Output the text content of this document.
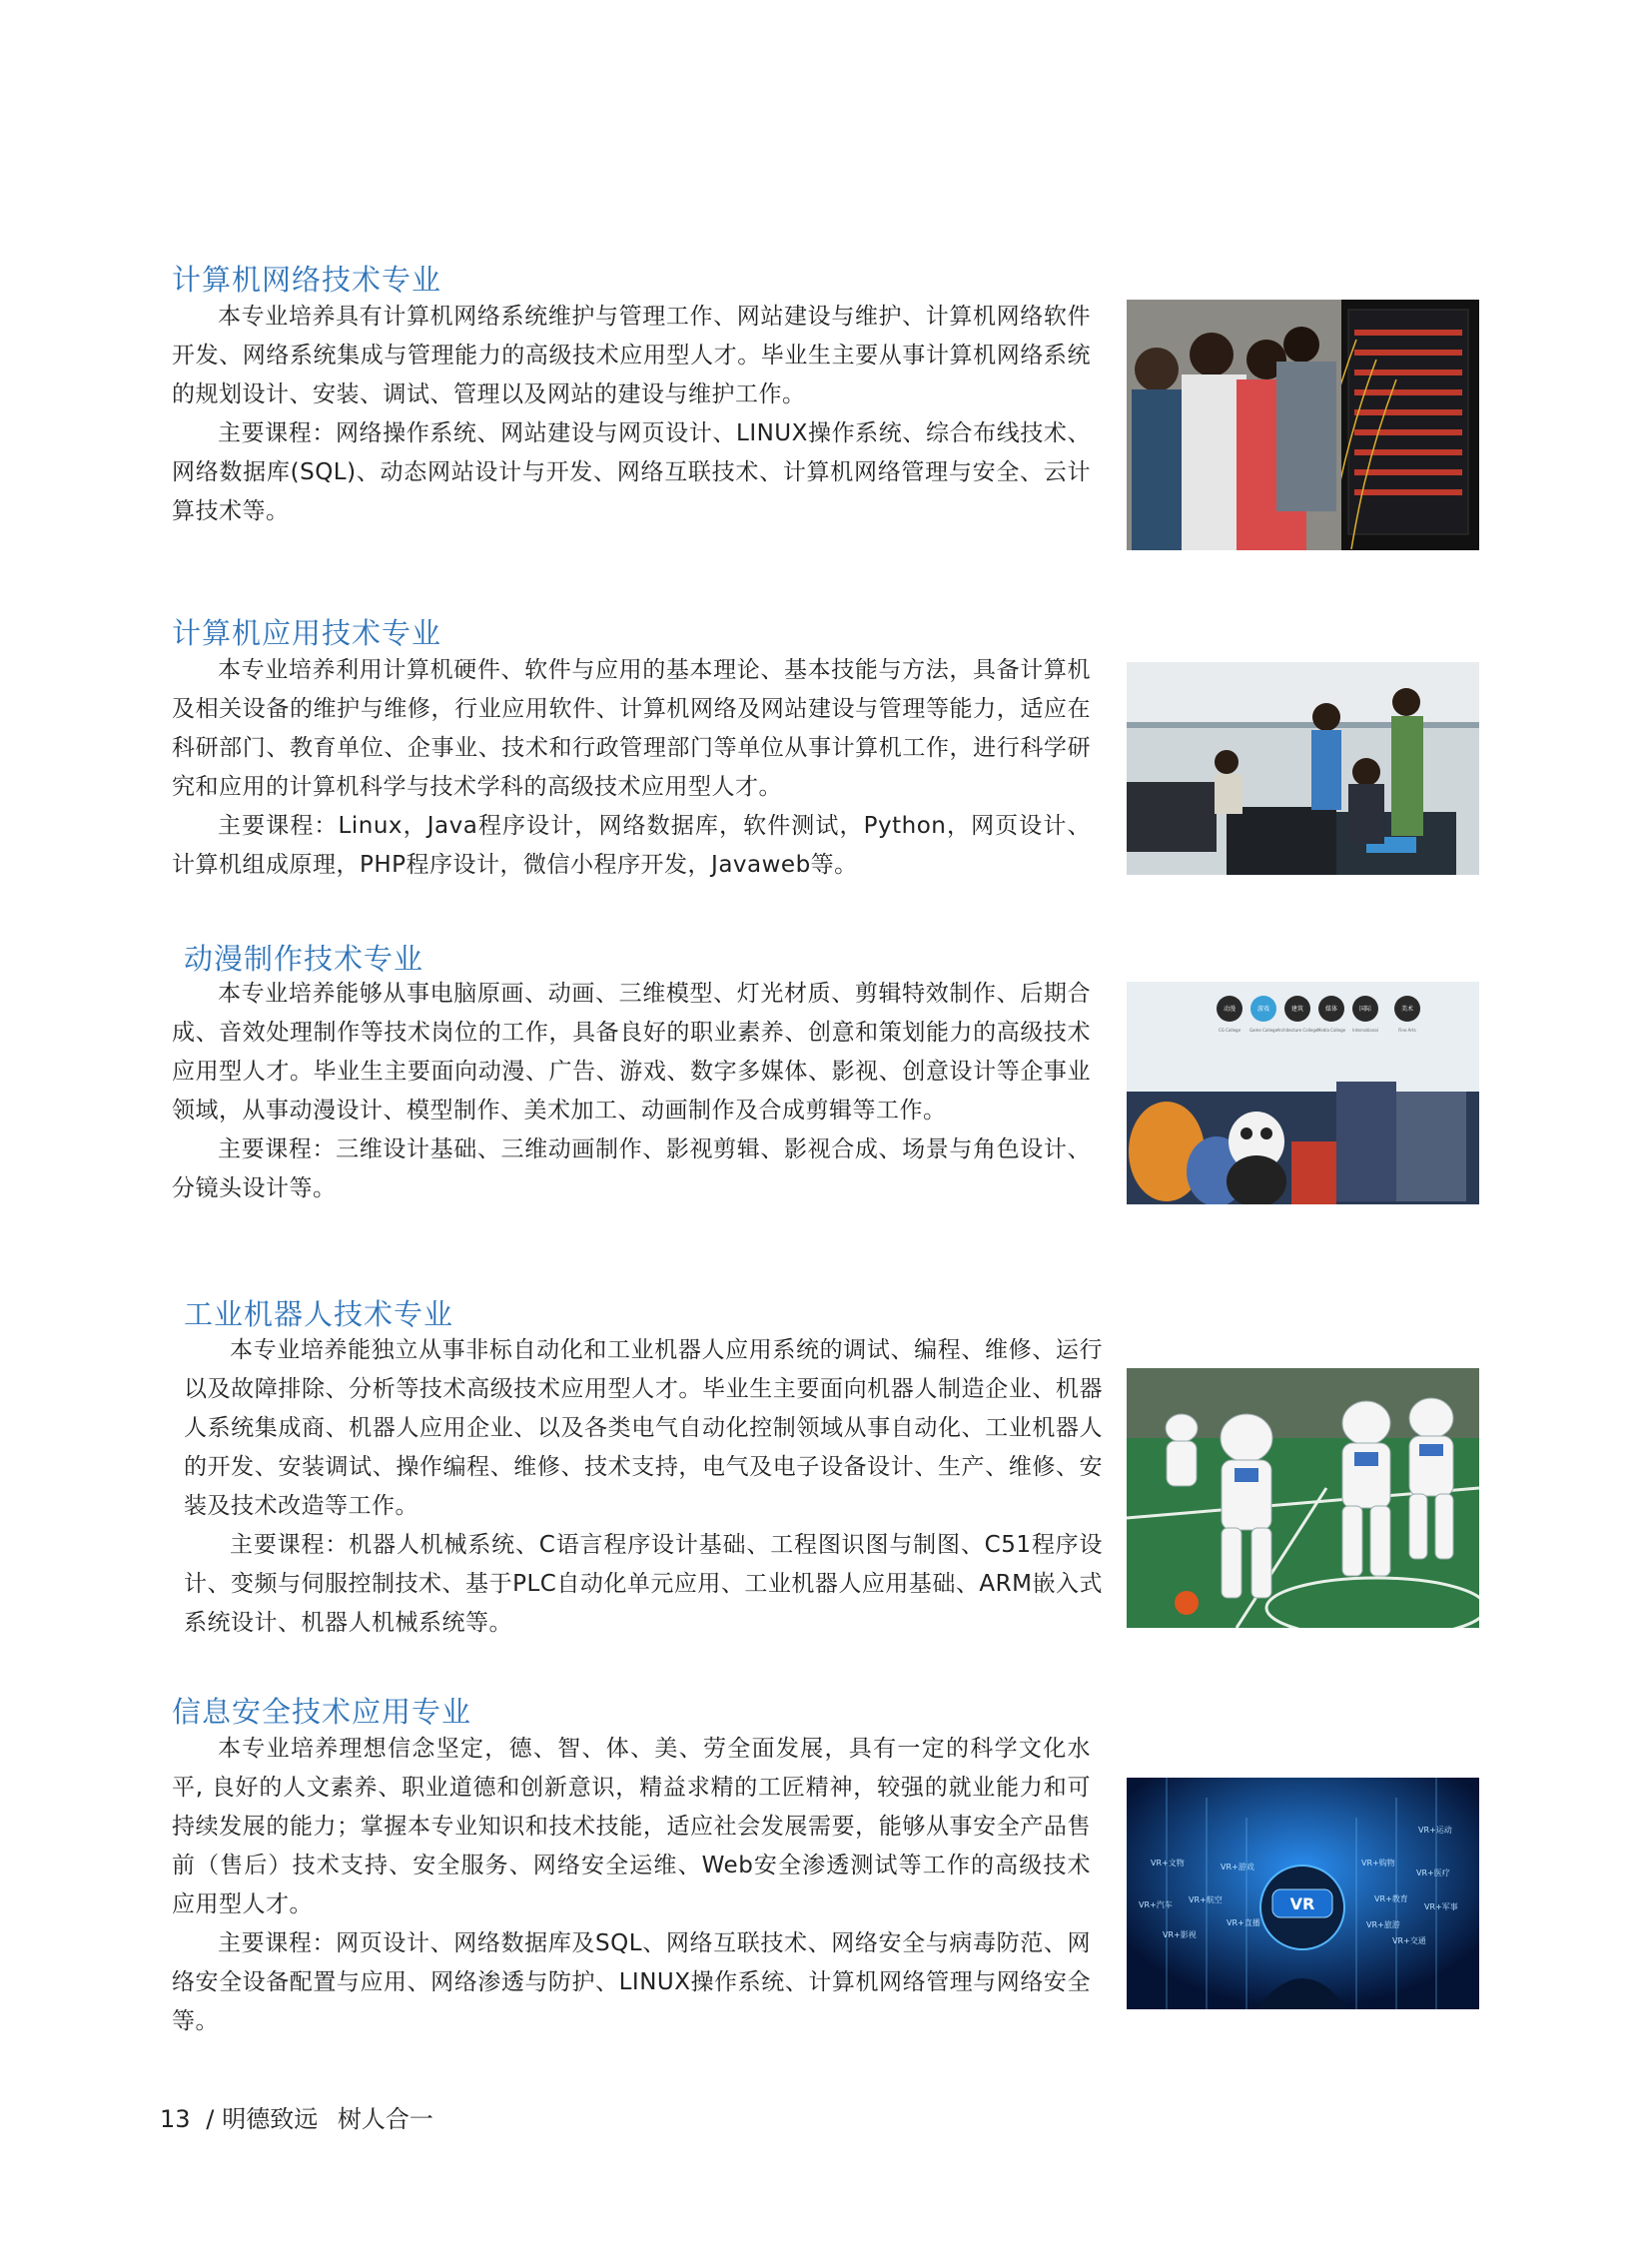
计算机网络技术专业

本专业培养具有计算机网络系统维护与管理工作、网站建设与维护、计算机网络软件开发、网络系统集成与管理能力的高级技术应用型人才。毕业生主要从事计算机网络系统的规划设计、安装、调试、管理以及网站的建设与维护工作。

主要课程：网络操作系统、网站建设与网页设计、LINUX操作系统、综合布线技术、网络数据库(SQL)、动态网站设计与开发、网络互联技术、计算机网络管理与安全、云计算技术等。

计算机应用技术专业

本专业培养利用计算机硬件、软件与应用的基本理论、基本技能与方法，具备计算机及相关设备的维护与维修，行业应用软件、计算机网络及网站建设与管理等能力，适应在科研部门、教育单位、企事业、技术和行政管理部门等单位从事计算机工作，进行科学研究和应用的计算机科学与技术学科的高级技术应用型人才。

主要课程：Linux，Java程序设计，网络数据库，软件测试，Python，网页设计、计算机组成原理，PHP程序设计，微信小程序开发，Javaweb等。

动漫制作技术专业

本专业培养能够从事电脑原画、动画、三维模型、灯光材质、剪辑特效制作、后期合成、音效处理制作等技术岗位的工作，具备良好的职业素养、创意和策划能力的高级技术应用型人才。毕业生主要面向动漫、广告、游戏、数字多媒体、影视、创意设计等企事业领域，从事动漫设计、模型制作、美术加工、动画制作及合成剪辑等工作。

主要课程：三维设计基础、三维动画制作、影视剪辑、影视合成、场景与角色设计、分镜头设计等。

动漫	游戏	建筑	媒体	国际	美术
CG College Game College Architecture College Media College International	Fine Arts
工业机器人技术专业

本专业培养能独立从事非标自动化和工业机器人应用系统的调试、编程、维修、运行以及故障排除、分析等技术高级技术应用型人才。毕业生主要面向机器人制造企业、机器人系统集成商、机器人应用企业、以及各类电气自动化控制领域从事自动化、工业机器人的开发、安装调试、操作编程、维修、技术支持，电气及电子设备设计、生产、维修、安装及技术改造等工作。

主要课程：机器人机械系统、C语言程序设计基础、工程图识图与制图、C51程序设计、变频与伺服控制技术、基于PLC自动化单元应用、工业机器人应用基础、ARM嵌入式系统设计、机器人机械系统等。

信息安全技术应用专业

本专业培养理想信念坚定，德、智、体、美、劳全面发展，具有一定的科学文化水平, 良好的人文素养、职业道德和创新意识，精益求精的工匠精神，较强的就业能力和可持续发展的能力；掌握本专业知识和技术技能，适应社会发展需要，能够从事安全产品售前（售后）技术支持、安全服务、网络安全运维、Web安全渗透测试等工作的高级技术应用型人才。

主要课程：网页设计、网络数据库及SQL、网络互联技术、网络安全与病毒防范、网络安全设备配置与应用、网络渗透与防护、LINUX操作系统、计算机网络管理与网络安全等。

VR
VR+文物	VR+游戏	VR+购物
VR+医疗
VR+汽车
VR+航空	VR+教育
VR+军事
VR+直播
VR+影视
VR+旅游
VR+交通
VR+运动
13 / 明德致远 树人合一
